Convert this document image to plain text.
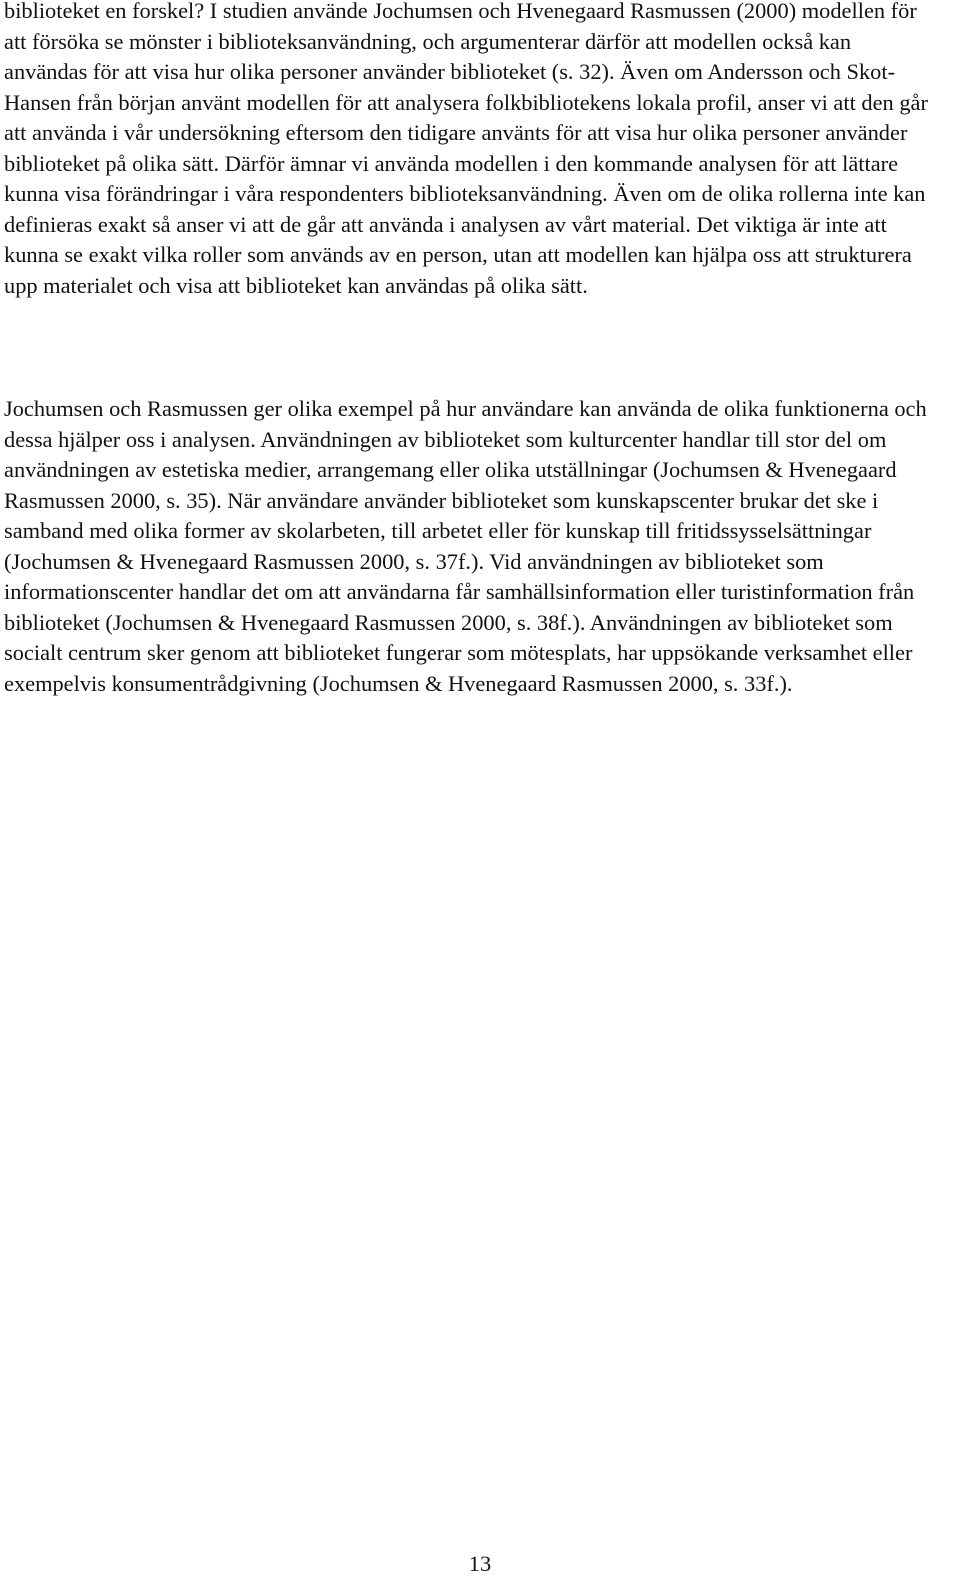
biblioteket en forskel? I studien använde Jochumsen och Hvenegaard Rasmussen (2000) modellen för att försöka se mönster i biblioteksanvändning, och argumenterar därför att modellen också kan användas för att visa hur olika personer använder biblioteket (s. 32). Även om Andersson och Skot-Hansen från början använt modellen för att analysera folkbibliotekens lokala profil, anser vi att den går att använda i vår undersökning eftersom den tidigare använts för att visa hur olika personer använder biblioteket på olika sätt. Därför ämnar vi använda modellen i den kommande analysen för att lättare kunna visa förändringar i våra respondenters biblioteksanvändning. Även om de olika rollerna inte kan definieras exakt så anser vi att de går att använda i analysen av vårt material. Det viktiga är inte att kunna se exakt vilka roller som används av en person, utan att modellen kan hjälpa oss att strukturera upp materialet och visa att biblioteket kan användas på olika sätt.

Jochumsen och Rasmussen ger olika exempel på hur användare kan använda de olika funktionerna och dessa hjälper oss i analysen. Användningen av biblioteket som kulturcenter handlar till stor del om användningen av estetiska medier, arrangemang eller olika utställningar (Jochumsen & Hvenegaard Rasmussen 2000, s. 35). När användare använder biblioteket som kunskapscenter brukar det ske i samband med olika former av skolarbeten, till arbetet eller för kunskap till fritidssysselsättningar (Jochumsen & Hvenegaard Rasmussen 2000, s. 37f.). Vid användningen av biblioteket som informationscenter handlar det om att användarna får samhällsinformation eller turistinformation från biblioteket (Jochumsen & Hvenegaard Rasmussen 2000, s. 38f.). Användningen av biblioteket som socialt centrum sker genom att biblioteket fungerar som mötesplats, har uppsökande verksamhet eller exempelvis konsumentrådgivning (Jochumsen & Hvenegaard Rasmussen 2000, s. 33f.).

13
